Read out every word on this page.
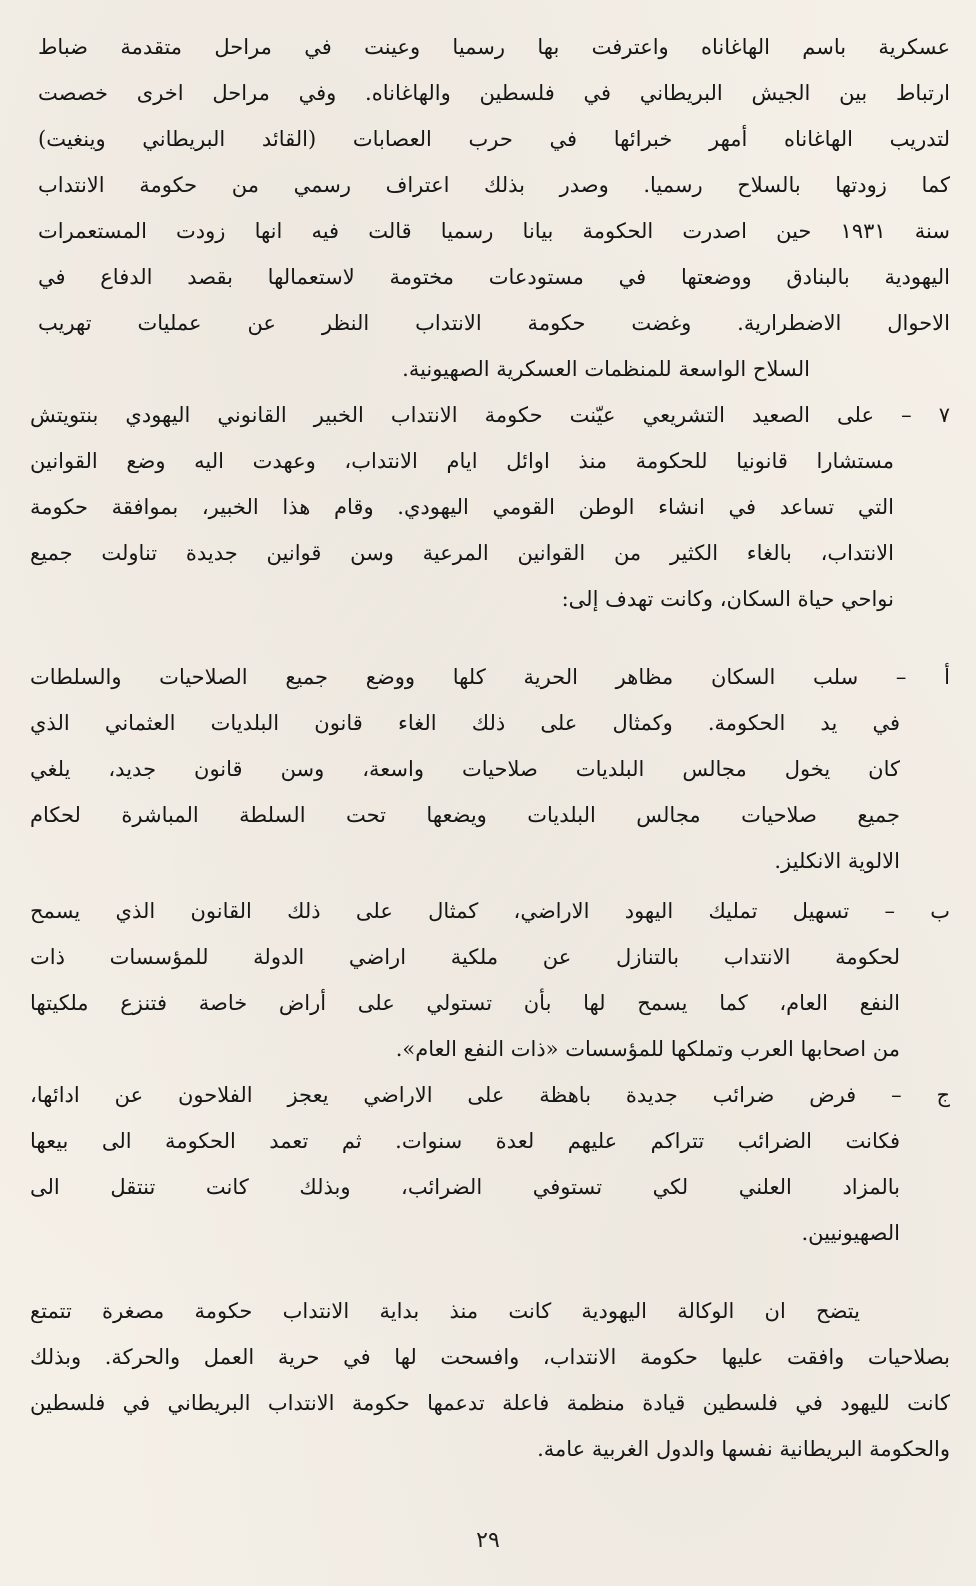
عسكرية باسم الهاغاناه واعترفت بها رسميا وعينت في مراحل متقدمة ضباط
ارتباط بين الجيش البريطاني في فلسطين والهاغاناه. وفي مراحل اخرى خصصت
لتدريب الهاغاناه أمهر خبرائها في حرب العصابات (القائد البريطاني وينغيت)
كما زودتها بالسلاح رسميا. وصدر بذلك اعتراف رسمي من حكومة الانتداب
سنة ١٩٣١ حين اصدرت الحكومة بيانا رسميا قالت فيه انها زودت المستعمرات
اليهودية بالبنادق ووضعتها في مستودعات مختومة لاستعمالها بقصد الدفاع في
الاحوال الاضطرارية. وغضت حكومة الانتداب النظر عن عمليات تهريب
السلاح الواسعة للمنظمات العسكرية الصهيونية.
٧ – على الصعيد التشريعي عيّنت حكومة الانتداب الخبير القانوني اليهودي بنتويتش
مستشارا قانونيا للحكومة منذ اوائل ايام الانتداب، وعهدت اليه وضع القوانين
التي تساعد في انشاء الوطن القومي اليهودي. وقام هذا الخبير، بموافقة حكومة
الانتداب، بالغاء الكثير من القوانين المرعية وسن قوانين جديدة تناولت جميع
نواحي حياة السكان، وكانت تهدف إلى:
أ – سلب السكان مظاهر الحرية كلها ووضع جميع الصلاحيات والسلطات
في يد الحكومة. وكمثال على ذلك الغاء قانون البلديات العثماني الذي
كان يخول مجالس البلديات صلاحيات واسعة، وسن قانون جديد، يلغي
جميع صلاحيات مجالس البلديات ويضعها تحت السلطة المباشرة لحكام
الالوية الانكليز.
ب – تسهيل تمليك اليهود الاراضي، كمثال على ذلك القانون الذي يسمح
لحكومة الانتداب بالتنازل عن ملكية اراضي الدولة للمؤسسات ذات
النفع العام، كما يسمح لها بأن تستولي على أراض خاصة فتنزع ملكيتها
من اصحابها العرب وتملكها للمؤسسات «ذات النفع العام».
ج – فرض ضرائب جديدة باهظة على الاراضي يعجز الفلاحون عن ادائها،
فكانت الضرائب تتراكم عليهم لعدة سنوات. ثم تعمد الحكومة الى بيعها
بالمزاد العلني لكي تستوفي الضرائب، وبذلك كانت تنتقل الى
الصهيونيين.
يتضح ان الوكالة اليهودية كانت منذ بداية الانتداب حكومة مصغرة تتمتع
بصلاحيات وافقت عليها حكومة الانتداب، وافسحت لها في حرية العمل والحركة. وبذلك
كانت لليهود في فلسطين قيادة منظمة فاعلة تدعمها حكومة الانتداب البريطاني في فلسطين
والحكومة البريطانية نفسها والدول الغربية عامة.
٢٩
